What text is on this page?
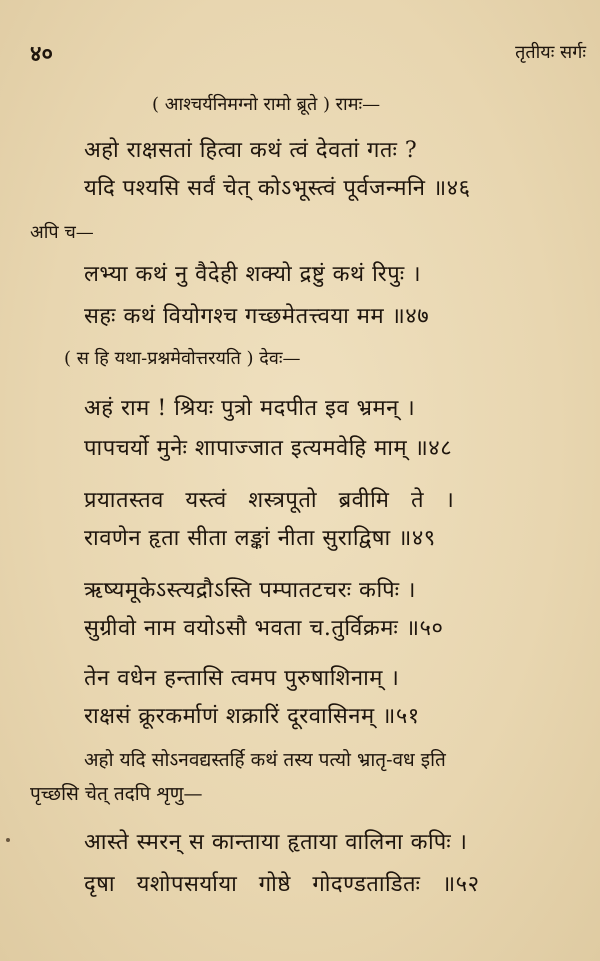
४०	तृतीयः सर्गः
( आश्चर्यनिमग्नो रामो ब्रूते ) रामः—
अहो राक्षसतां हित्वा कथं त्वं देवतां गतः ?
यदि पश्यसि सर्वं चेत् कोऽभूस्त्वं पूर्वजन्मनि ॥४६
अपि च—
लभ्या कथं नु वैदेही शक्यो द्रष्टुं कथं रिपुः ।
सहः कथं वियोगश्च गच्छमेतत्त्वया मम ॥४७
( स हि यथा-प्रश्नमेवोत्तरयति ) देवः—
अहं राम ! श्रियः पुत्रो मदपीत इव भ्रमन् ।
पापचर्यो मुनेः शापाज्जात इत्यमवेहि माम् ॥४८
प्रयातस्तव यस्त्वं शस्त्रपूतो ब्रवीमि ते ।
रावणेन हृता सीता लङ्कां नीता सुराद्विषा ॥४९
ऋष्यमूकेऽस्त्यद्रौऽस्ति पम्पातटचरः कपिः ।
सुग्रीवो नाम वयोऽसौ भवता च.तुर्विक्रमः ॥५०
तेन वधेन हन्तासि त्वमप पुरुषाशिनाम् ।
राक्षसं क्रूरकर्माणं शक्रारिं दूरवासिनम् ॥५१
अहो यदि सोऽनवद्यस्तर्हि कथं तस्य पत्यो भ्रातृ-वध इति
पृच्छसि चेत् तदपि शृणु—
आस्ते स्मरन् स कान्ताया हृताया वालिना कपिः ।
दृषा यशोपसर्याया गोष्ठे गोदण्डताडितः ॥५२
